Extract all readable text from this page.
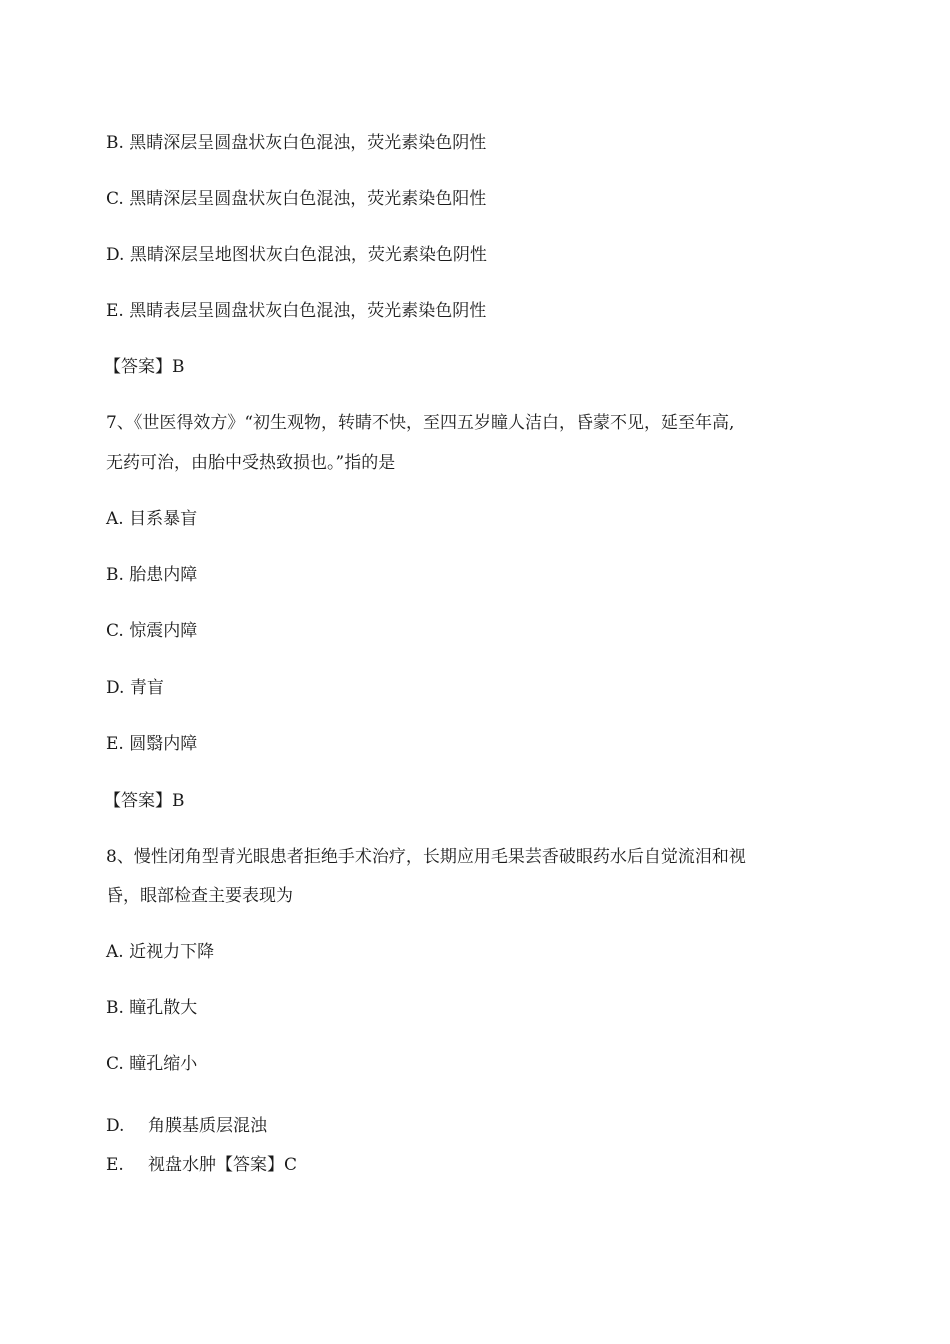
B. 黑睛深层呈圆盘状灰白色混浊，荧光素染色阴性
C. 黑睛深层呈圆盘状灰白色混浊，荧光素染色阳性
D. 黑睛深层呈地图状灰白色混浊，荧光素染色阴性
E. 黑睛表层呈圆盘状灰白色混浊，荧光素染色阴性
【答案】B
7、《世医得效方》“初生观物，转睛不快，至四五岁瞳人洁白，昏蒙不见，延至年高,
无药可治，由胎中受热致损也。”指的是
A. 目系暴盲
B. 胎患内障
C. 惊震内障
D. 青盲
E. 圆翳内障
【答案】B
8、慢性闭角型青光眼患者拒绝手术治疗，长期应用毛果芸香破眼药水后自觉流泪和视
昏，眼部检查主要表现为
A. 近视力下降
B. 瞳孔散大
C. 瞳孔缩小
D. 角膜基质层混浊
E. 视盘水肿【答案】C
